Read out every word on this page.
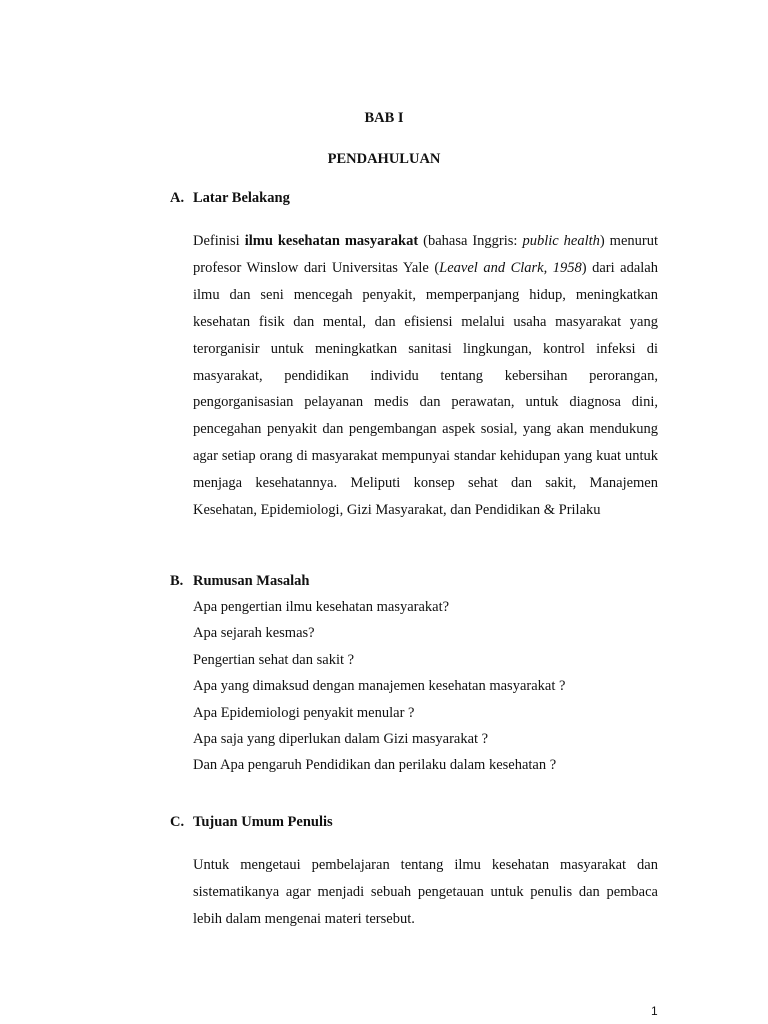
BAB I
PENDAHULUAN
A. Latar Belakang
Definisi ilmu kesehatan masyarakat (bahasa Inggris: public health) menurut profesor Winslow dari Universitas Yale (Leavel and Clark, 1958) dari adalah ilmu dan seni mencegah penyakit, memperpanjang hidup, meningkatkan kesehatan fisik dan mental, dan efisiensi melalui usaha masyarakat yang terorganisir untuk meningkatkan sanitasi lingkungan, kontrol infeksi di masyarakat, pendidikan individu tentang kebersihan perorangan, pengorganisasian pelayanan medis dan perawatan, untuk diagnosa dini, pencegahan penyakit dan pengembangan aspek sosial, yang akan mendukung agar setiap orang di masyarakat mempunyai standar kehidupan yang kuat untuk menjaga kesehatannya. Meliputi konsep sehat dan sakit, Manajemen Kesehatan, Epidemiologi, Gizi Masyarakat, dan Pendidikan & Prilaku
B. Rumusan Masalah
Apa pengertian ilmu kesehatan masyarakat?
Apa sejarah kesmas?
Pengertian sehat dan sakit ?
Apa yang dimaksud dengan manajemen kesehatan masyarakat ?
Apa Epidemiologi penyakit menular ?
Apa saja yang diperlukan dalam Gizi masyarakat ?
Dan Apa pengaruh Pendidikan dan perilaku dalam kesehatan ?
C. Tujuan Umum Penulis
Untuk mengetaui pembelajaran tentang ilmu kesehatan masyarakat dan sistematikanya agar menjadi sebuah pengetauan untuk penulis dan pembaca lebih dalam mengenai materi tersebut.
1
